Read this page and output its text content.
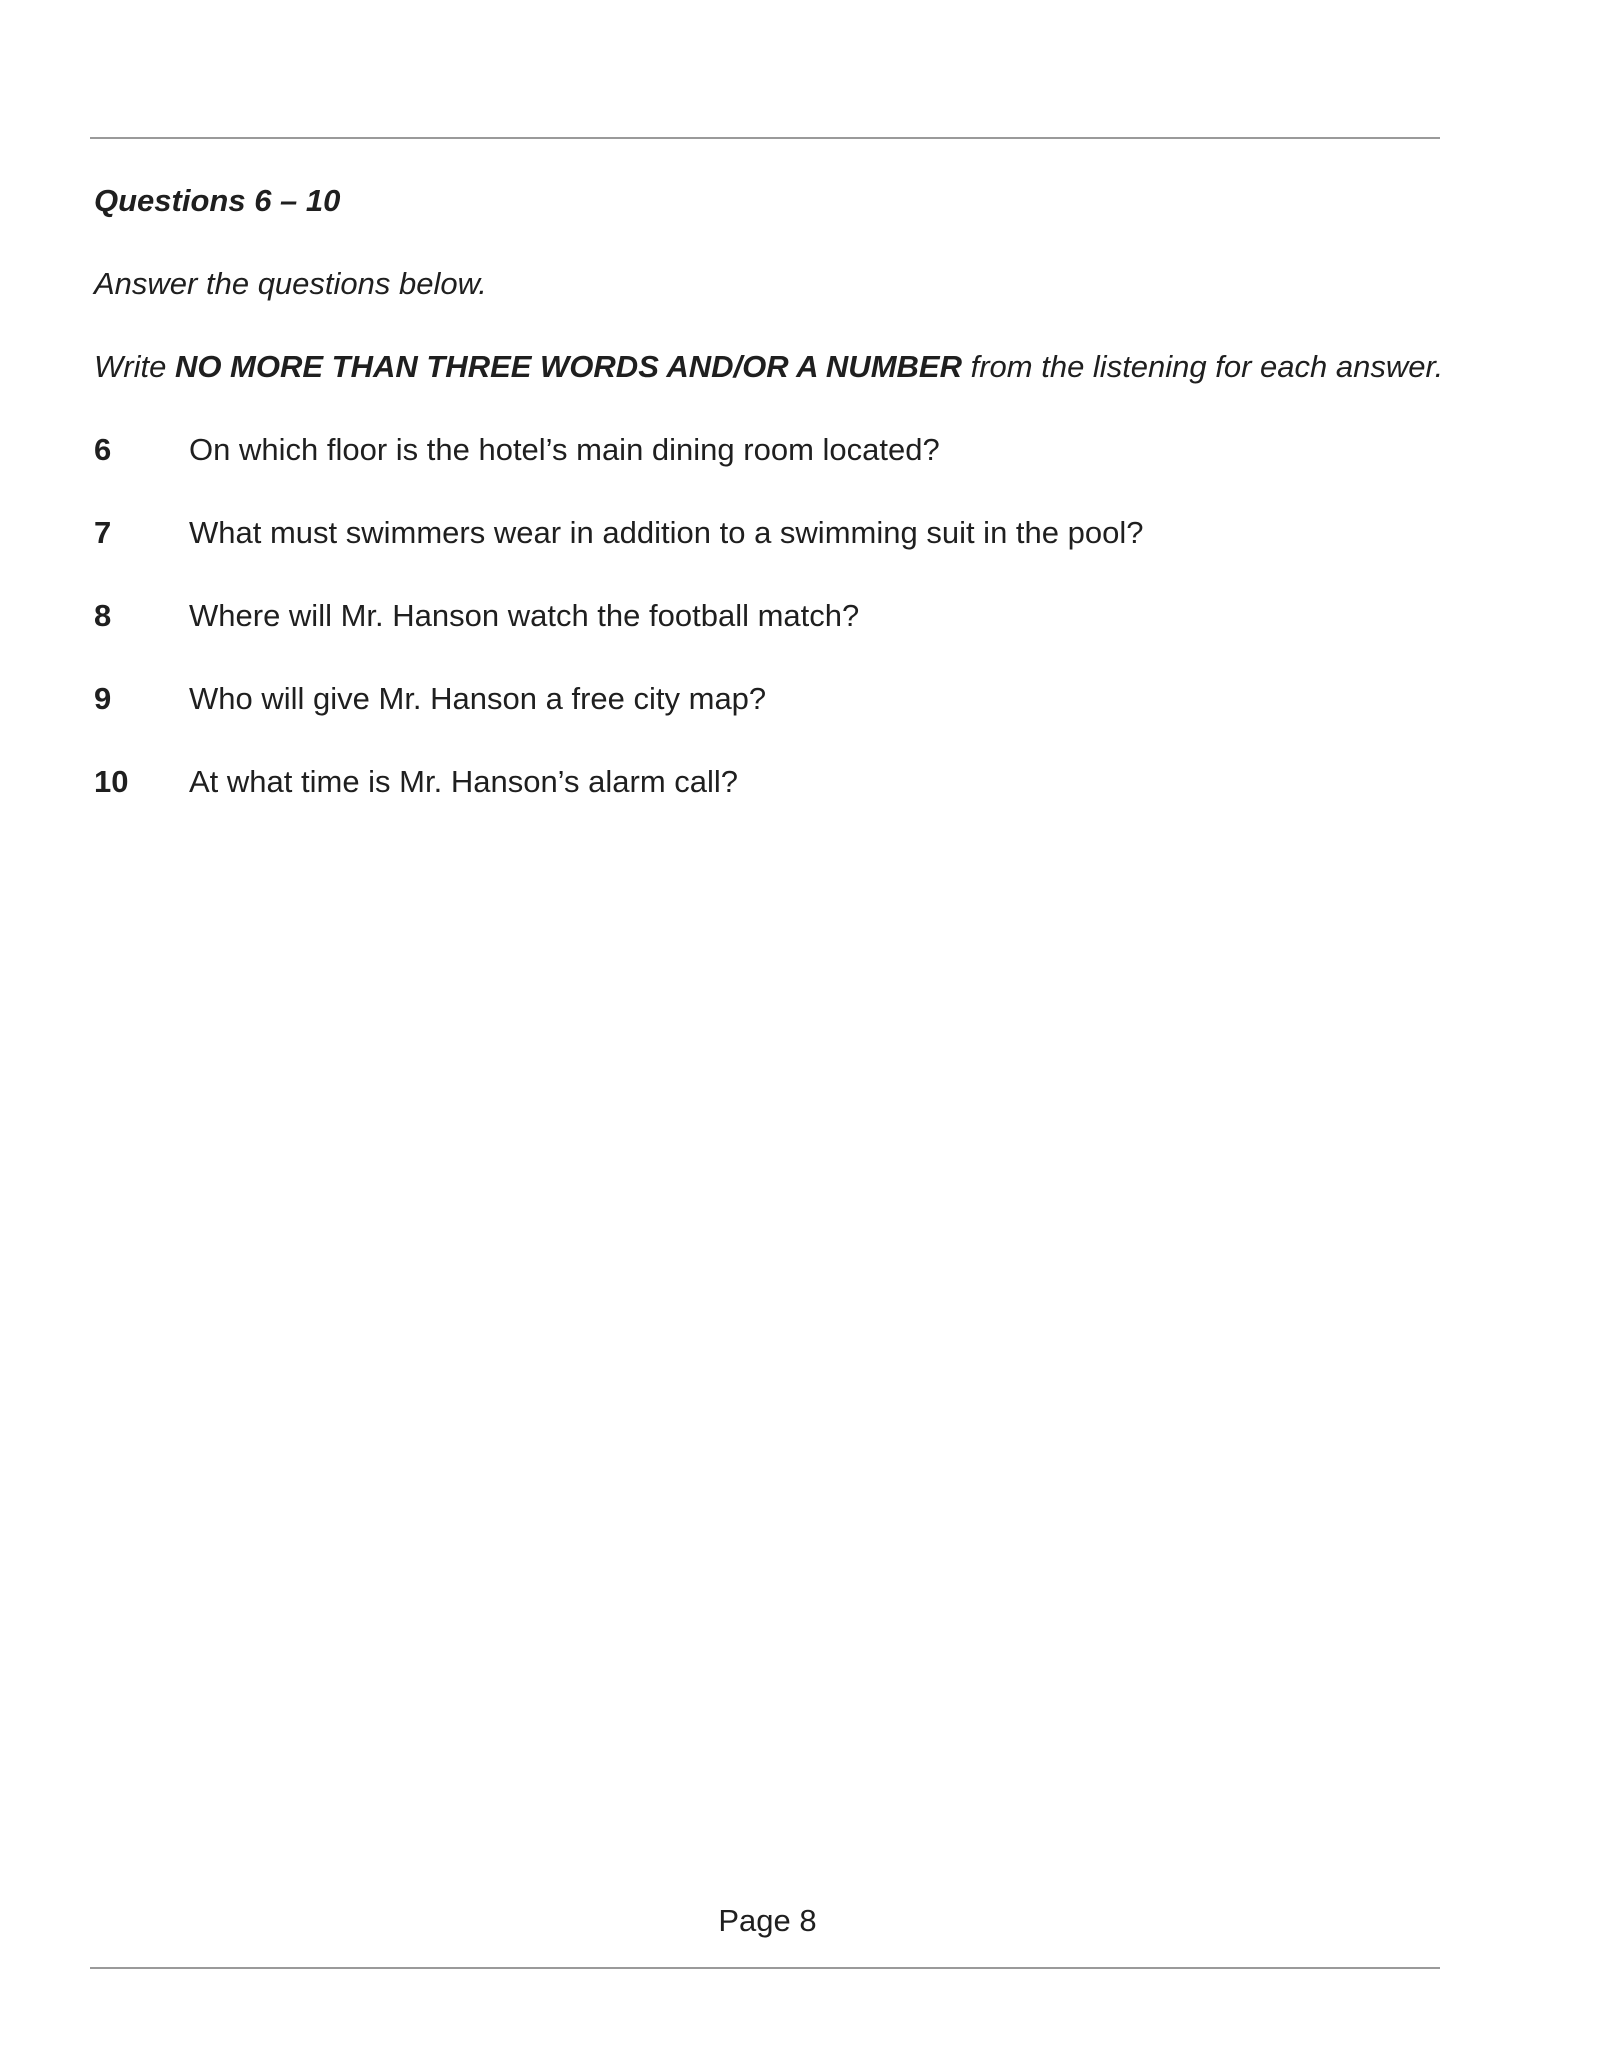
Questions 6 – 10
Answer the questions below.
Write NO MORE THAN THREE WORDS AND/OR A NUMBER from the listening for each answer.
6	On which floor is the hotel’s main dining room located?
7	What must swimmers wear in addition to a swimming suit in the pool?
8	Where will Mr. Hanson watch the football match?
9	Who will give Mr. Hanson a free city map?
10	At what time is Mr. Hanson’s alarm call?
Page 8
